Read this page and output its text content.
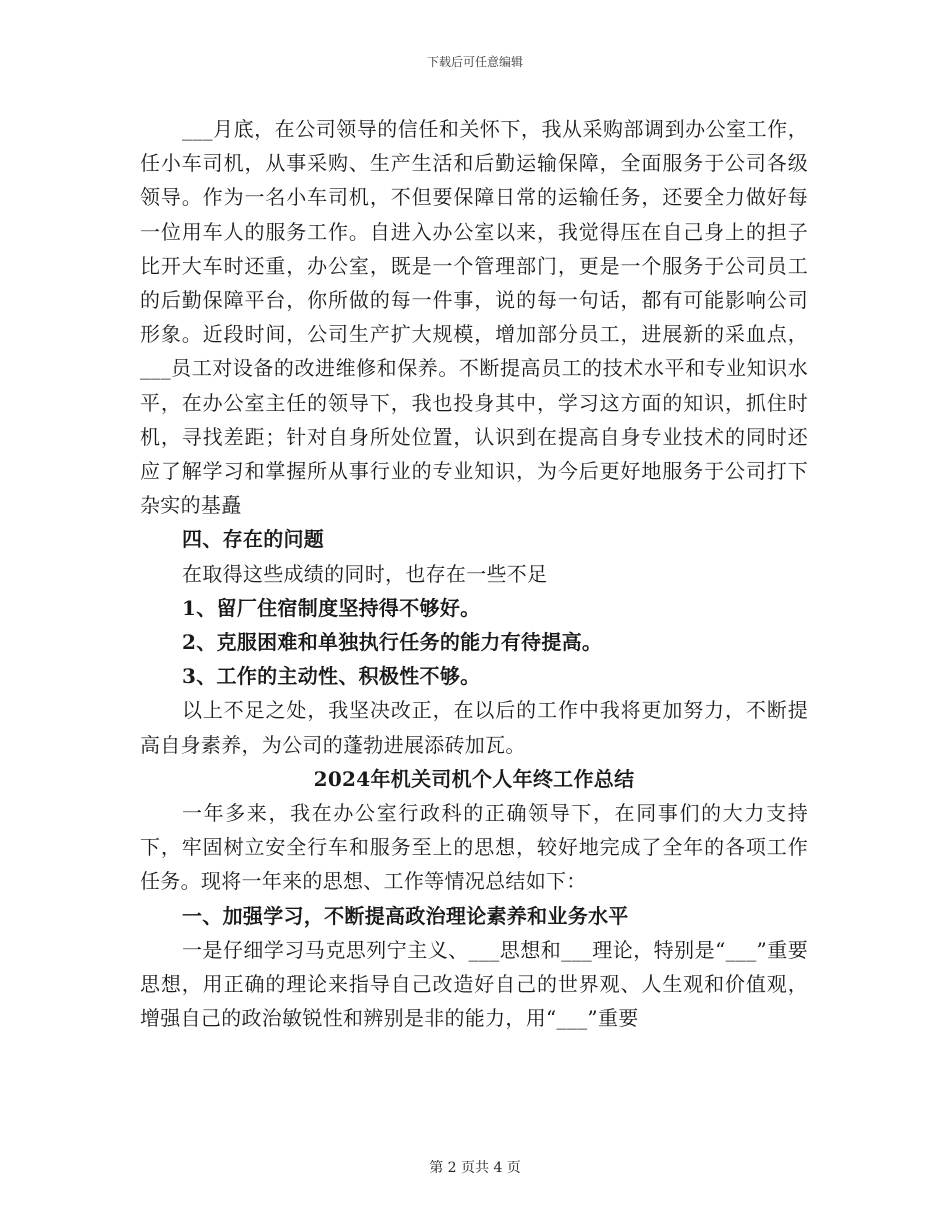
下载后可任意编辑

___月底，在公司领导的信任和关怀下，我从采购部调到办公室工作，任小车司机，从事采购、生产生活和后勤运输保障，全面服务于公司各级领导。作为一名小车司机，不但要保障日常的运输任务，还要全力做好每一位用车人的服务工作。自进入办公室以来，我觉得压在自己身上的担子比开大车时还重，办公室，既是一个管理部门，更是一个服务于公司员工的后勤保障平台，你所做的每一件事，说的每一句话，都有可能影响公司形象。近段时间，公司生产扩大规模，增加部分员工，进展新的采血点，___员工对设备的改进维修和保养。不断提高员工的技术水平和专业知识水平，在办公室主任的领导下，我也投身其中，学习这方面的知识，抓住时机，寻找差距；针对自身所处位置，认识到在提高自身专业技术的同时还应了解学习和掌握所从事行业的专业知识，为今后更好地服务于公司打下杂实的基矗

四、存在的问题

在取得这些成绩的同时，也存在一些不足

1、留厂住宿制度坚持得不够好。

2、克服困难和单独执行任务的能力有待提高。

3、工作的主动性、积极性不够。

以上不足之处，我坚决改正，在以后的工作中我将更加努力，不断提高自身素养，为公司的蓬勃进展添砖加瓦。

2024年机关司机个人年终工作总结

一年多来，我在办公室行政科的正确领导下，在同事们的大力支持下，牢固树立安全行车和服务至上的思想，较好地完成了全年的各项工作任务。现将一年来的思想、工作等情况总结如下：

一、加强学习，不断提高政治理论素养和业务水平

一是仔细学习马克思列宁主义、___思想和___理论，特别是“___”重要思想，用正确的理论来指导自己改造好自己的世界观、人生观和价值观，增强自己的政治敏锐性和辨别是非的能力，用“___”重要

第 2 页共 4 页
